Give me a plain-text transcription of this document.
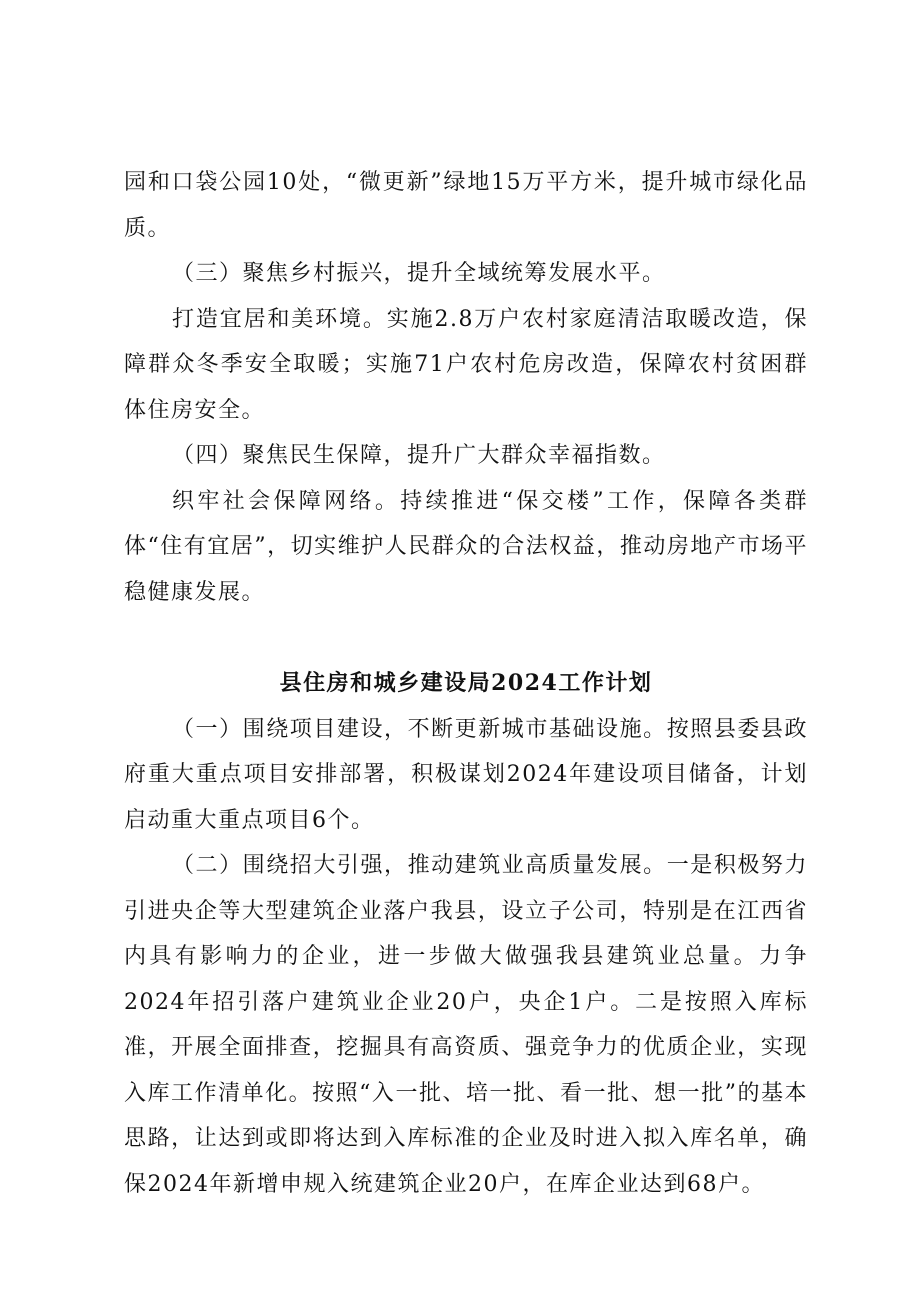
园和口袋公园10处，“微更新”绿地15万平方米，提升城市绿化品质。

（三）聚焦乡村振兴，提升全域统筹发展水平。

打造宜居和美环境。实施2.8万户农村家庭清洁取暖改造，保障群众冬季安全取暖；实施71户农村危房改造，保障农村贫困群体住房安全。

（四）聚焦民生保障，提升广大群众幸福指数。

织牢社会保障网络。持续推进“保交楼”工作，保障各类群体“住有宜居”，切实维护人民群众的合法权益，推动房地产市场平稳健康发展。

县住房和城乡建设局2024工作计划

（一）围绕项目建设，不断更新城市基础设施。按照县委县政府重大重点项目安排部署，积极谋划2024年建设项目储备，计划启动重大重点项目6个。

（二）围绕招大引强，推动建筑业高质量发展。一是积极努力引进央企等大型建筑企业落户我县，设立子公司，特别是在江西省内具有影响力的企业，进一步做大做强我县建筑业总量。力争2024年招引落户建筑业企业20户，央企1户。二是按照入库标准，开展全面排查，挖掘具有高资质、强竞争力的优质企业，实现入库工作清单化。按照“入一批、培一批、看一批、想一批”的基本思路，让达到或即将达到入库标准的企业及时进入拟入库名单，确保2024年新增申规入统建筑企业20户，在库企业达到68户。
